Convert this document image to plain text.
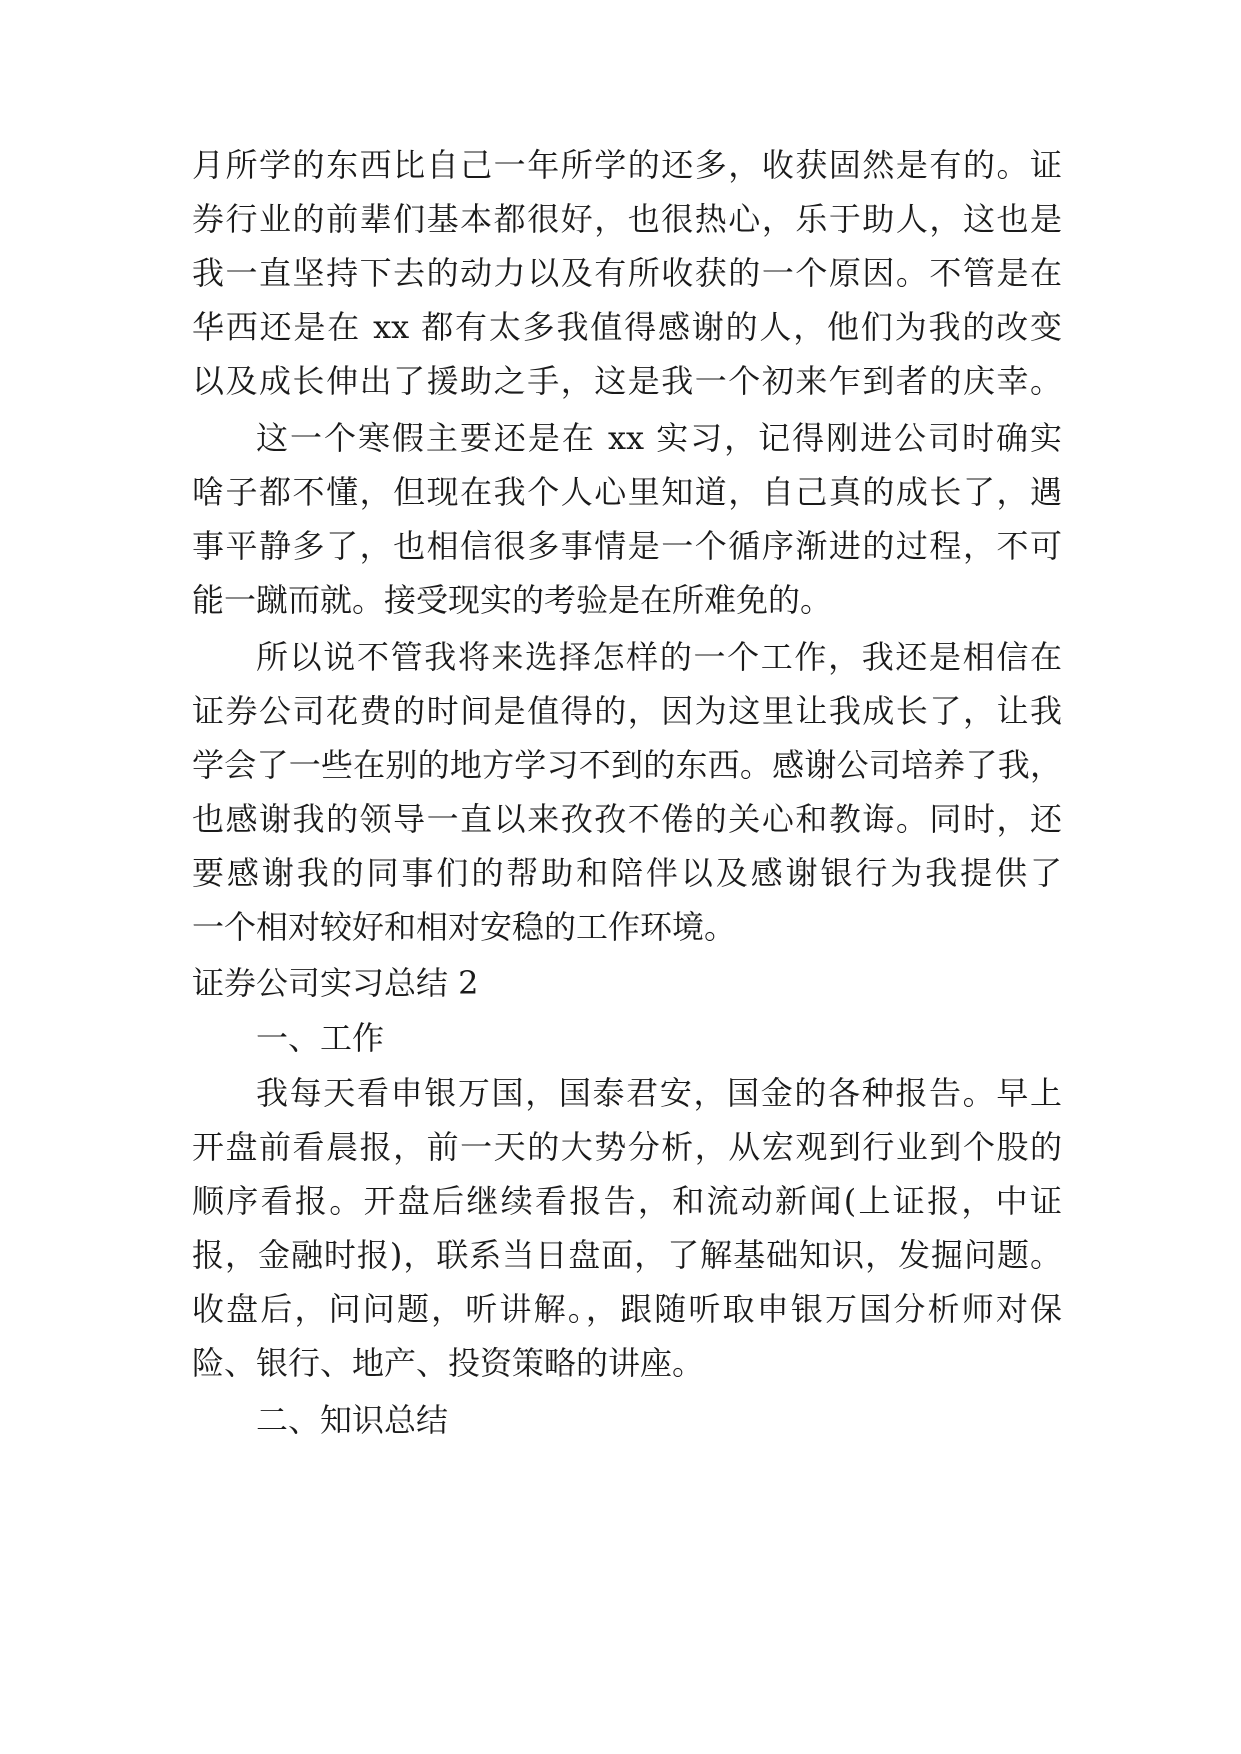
月所学的东西比自己一年所学的还多，收获固然是有的。证
券行业的前辈们基本都很好，也很热心，乐于助人，这也是
我一直坚持下去的动力以及有所收获的一个原因。不管是在
华西还是在 xx 都有太多我值得感谢的人，他们为我的改变
以及成长伸出了援助之手，这是我一个初来乍到者的庆幸。
这一个寒假主要还是在 xx 实习，记得刚进公司时确实
啥子都不懂，但现在我个人心里知道，自己真的成长了，遇
事平静多了，也相信很多事情是一个循序渐进的过程，不可
能一蹴而就。接受现实的考验是在所难免的。
所以说不管我将来选择怎样的一个工作，我还是相信在
证券公司花费的时间是值得的，因为这里让我成长了，让我
学会了一些在别的地方学习不到的东西。感谢公司培养了我，
也感谢我的领导一直以来孜孜不倦的关心和教诲。同时，还
要感谢我的同事们的帮助和陪伴以及感谢银行为我提供了
一个相对较好和相对安稳的工作环境。
证券公司实习总结 2
一、工作
我每天看申银万国，国泰君安，国金的各种报告。早上
开盘前看晨报，前一天的大势分析，从宏观到行业到个股的
顺序看报。开盘后继续看报告，和流动新闻(上证报，中证
报，金融时报)，联系当日盘面，了解基础知识，发掘问题。
收盘后，问问题，听讲解。，跟随听取申银万国分析师对保
险、银行、地产、投资策略的讲座。
二、知识总结
